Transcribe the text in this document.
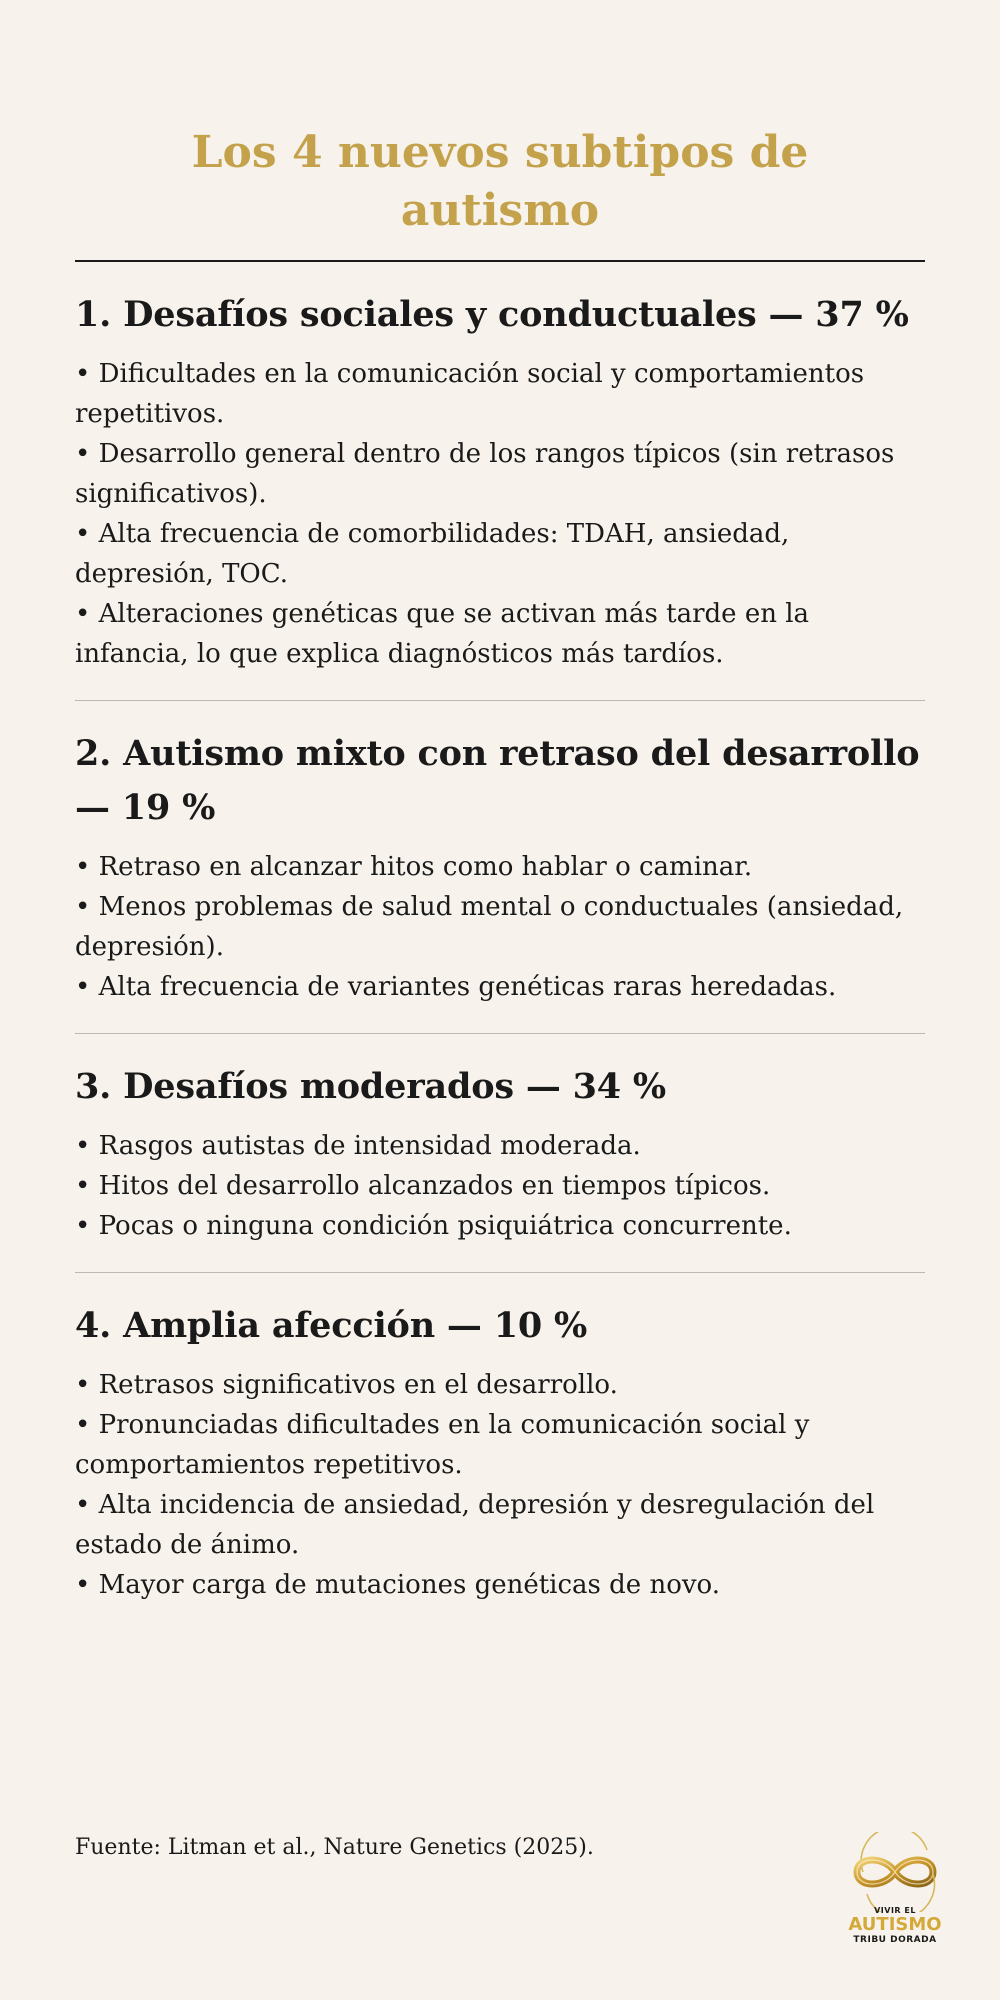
Los 4 nuevos subtipos de autismo
1. Desafíos sociales y conductuales — 37 %
• Dificultades en la comunicación social y comportamientos repetitivos.
• Desarrollo general dentro de los rangos típicos (sin retrasos significativos).
• Alta frecuencia de comorbilidades: TDAH, ansiedad, depresión, TOC.
• Alteraciones genéticas que se activan más tarde en la infancia, lo que explica diagnósticos más tardíos.
2. Autismo mixto con retraso del desarrollo — 19 %
• Retraso en alcanzar hitos como hablar o caminar.
• Menos problemas de salud mental o conductuales (ansiedad, depresión).
• Alta frecuencia de variantes genéticas raras heredadas.
3. Desafíos moderados — 34 %
• Rasgos autistas de intensidad moderada.
• Hitos del desarrollo alcanzados en tiempos típicos.
• Pocas o ninguna condición psiquiátrica concurrente.
4. Amplia afección — 10 %
• Retrasos significativos en el desarrollo.
• Pronunciadas dificultades en la comunicación social y comportamientos repetitivos.
• Alta incidencia de ansiedad, depresión y desregulación del estado de ánimo.
• Mayor carga de mutaciones genéticas de novo.
Fuente: Litman et al., Nature Genetics (2025).
VIVIR EL
AUTISMO
TRIBU DORADA
